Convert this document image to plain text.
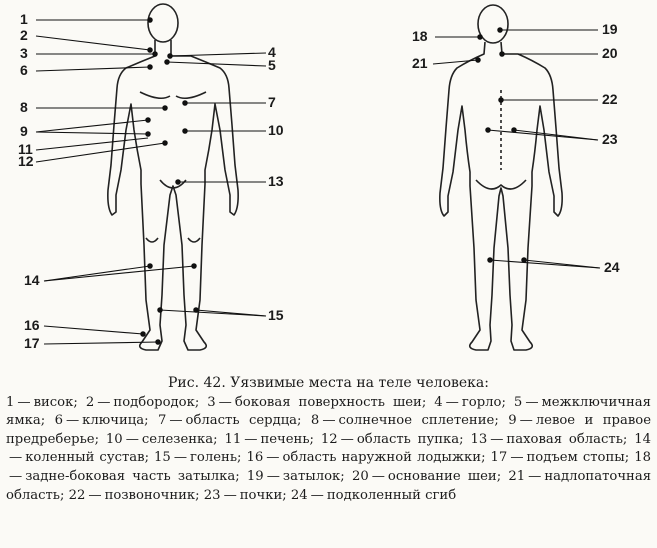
1
2
3	4
5
6
7
8
9	10
11
12
13
14
15
16
17
18	19
20
21
22
23
24
Рис. 42. Уязвимые места на теле человека:
1 — висок; 2 — подбородок; 3 — боковая поверхность шеи; 4 — горло; 5 — межключичная ямка; 6 — ключица; 7 — область сердца; 8 — солнечное сплетение; 9 — левое и правое предреберье; 10 — селезенка; 11 — печень; 12 — область пупка; 13 — паховая область; 14— коленный сустав; 15 — голень; 16 — область наружной лодыжки; 17 — подъем стопы; 18— задне-боковая часть затылка; 19 — затылок; 20 — основание шеи; 21 — надлопаточная область; 22 — позвоночник; 23 — почки; 24 — подколенный сгиб
